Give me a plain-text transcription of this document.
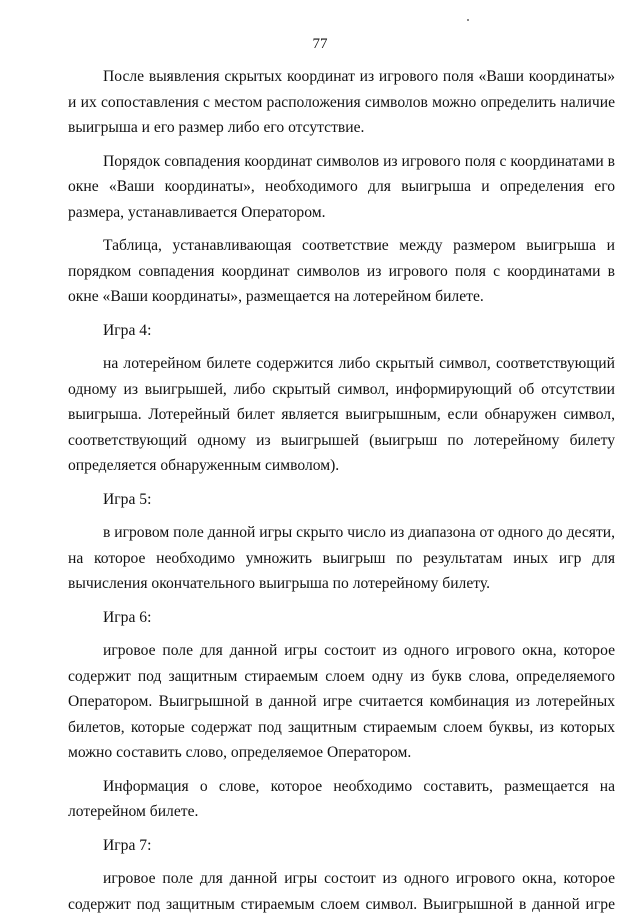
77

После выявления скрытых координат из игрового поля «Ваши координаты» и их сопоставления с местом расположения символов можно определить наличие выигрыша и его размер либо его отсутствие.

Порядок совпадения координат символов из игрового поля с координатами в окне «Ваши координаты», необходимого для выигрыша и определения его размера, устанавливается Оператором.

Таблица, устанавливающая соответствие между размером выигрыша и порядком совпадения координат символов из игрового поля с координатами в окне «Ваши координаты», размещается на лотерейном билете.

Игра 4:

на лотерейном билете содержится либо скрытый символ, соответствующий одному из выигрышей, либо скрытый символ, информирующий об отсутствии выигрыша. Лотерейный билет является выигрышным, если обнаружен символ, соответствующий одному из выигрышей (выигрыш по лотерейному билету определяется обнаруженным символом).

Игра 5:

в игровом поле данной игры скрыто число из диапазона от одного до десяти, на которое необходимо умножить выигрыш по результатам иных игр для вычисления окончательного выигрыша по лотерейному билету.

Игра 6:

игровое поле для данной игры состоит из одного игрового окна, которое содержит под защитным стираемым слоем одну из букв слова, определяемого Оператором. Выигрышной в данной игре считается комбинация из лотерейных билетов, которые содержат под защитным стираемым слоем буквы, из которых можно составить слово, определяемое Оператором.

Информация о слове, которое необходимо составить, размещается на лотерейном билете.

Игра 7:

игровое поле для данной игры состоит из одного игрового окна, которое содержит под защитным стираемым слоем символ. Выигрышной в данной игре
